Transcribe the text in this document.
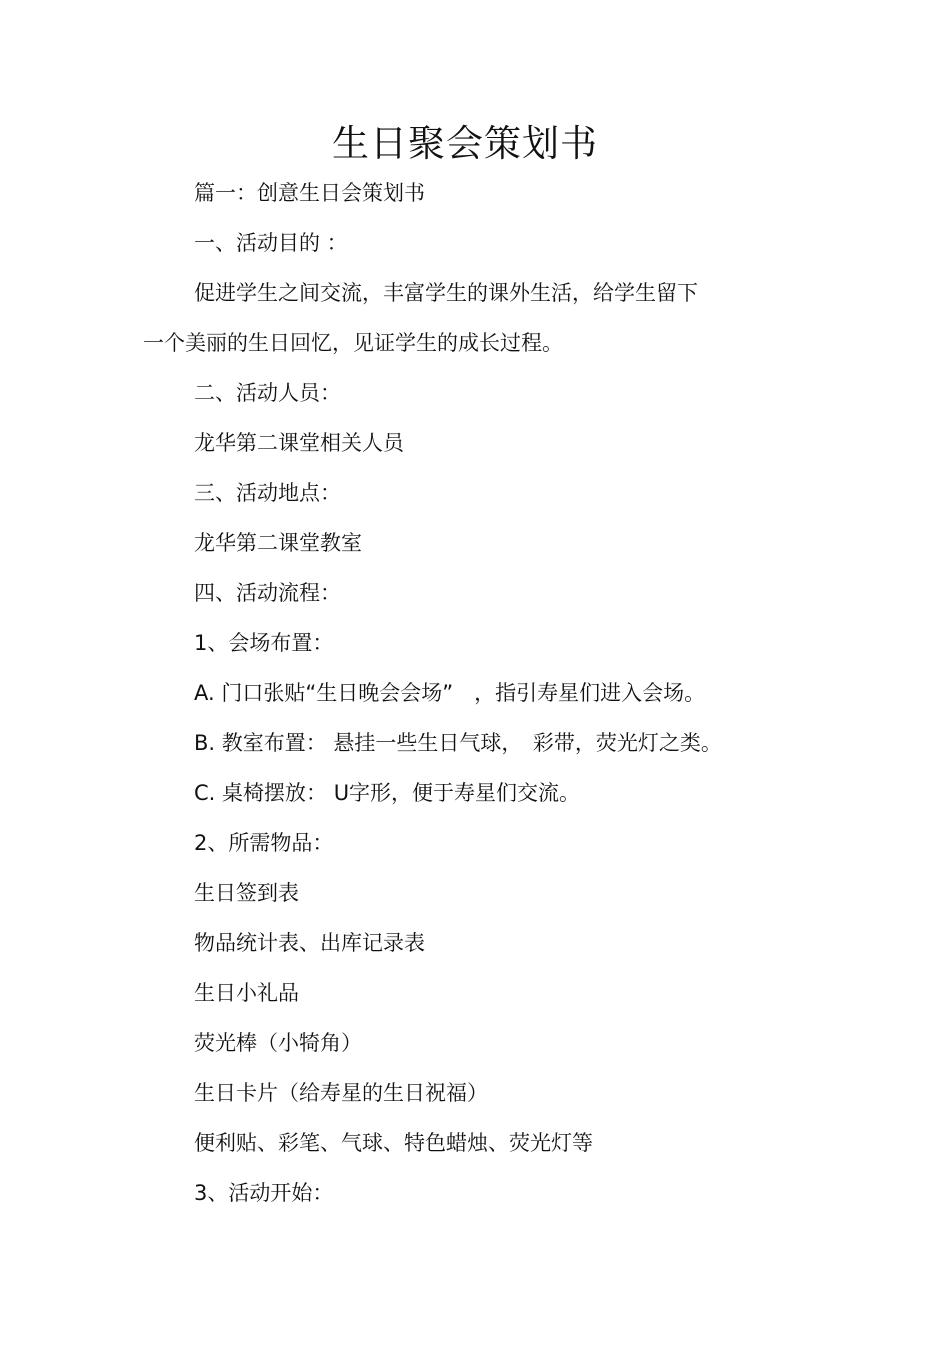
生日聚会策划书
篇一：创意生日会策划书
一、活动目的 ：
促进学生之间交流，丰富学生的课外生活，给学生留下
一个美丽的生日回忆，见证学生的成长过程。
二、活动人员：
龙华第二课堂相关人员
三、活动地点：
龙华第二课堂教室
四、活动流程：
1、会场布置：
A. 门口张贴“生日晚会会场”　，指引寿星们进入会场。
B. 教室布置： 悬挂一些生日气球，　彩带，荧光灯之类。
C. 桌椅摆放： U字形，便于寿星们交流。
2、所需物品：
生日签到表
物品统计表、出库记录表
生日小礼品
荧光棒（小犄角）
生日卡片（给寿星的生日祝福）
便利贴、彩笔、气球、特色蜡烛、荧光灯等
3、活动开始：
